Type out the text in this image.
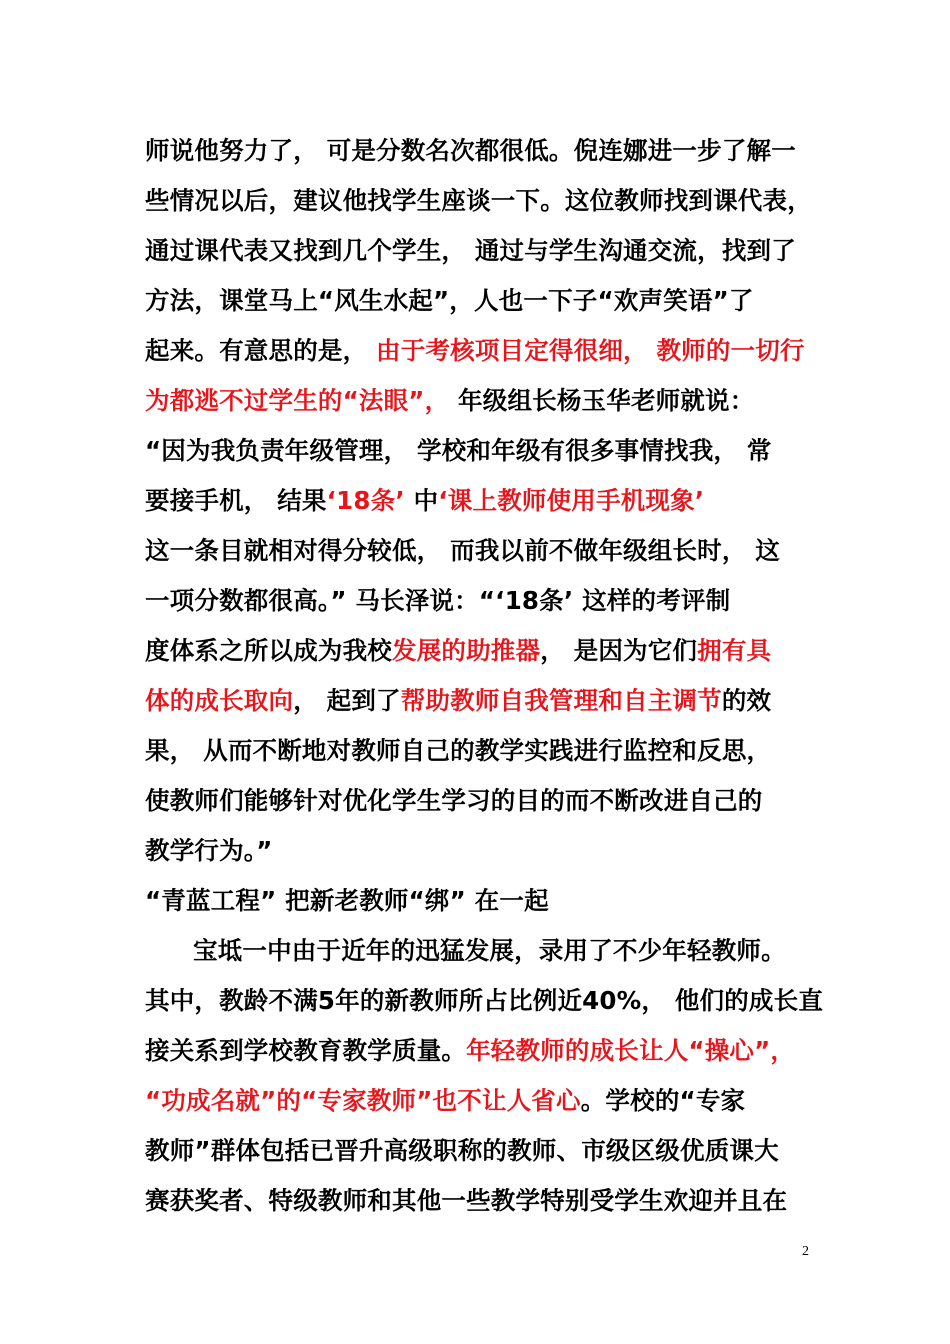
师说他努力了， 可是分数名次都很低。倪连娜进一步了解一
些情况以后，建议他找学生座谈一下。这位教师找到课代表，
通过课代表又找到几个学生， 通过与学生沟通交流，找到了
方法，课堂马上“风生水起”，人也一下子“欢声笑语”了
起来。有意思的是， 由于考核项目定得很细， 教师的一切行
为都逃不过学生的“法眼”， 年级组长杨玉华老师就说：
“因为我负责年级管理， 学校和年级有很多事情找我， 常
要接手机， 结果‘18条’ 中‘课上教师使用手机现象’
这一条目就相对得分较低， 而我以前不做年级组长时， 这
一项分数都很高。” 马长泽说：“‘18条’ 这样的考评制
度体系之所以成为我校发展的助推器， 是因为它们拥有具
体的成长取向， 起到了帮助教师自我管理和自主调节的效
果， 从而不断地对教师自己的教学实践进行监控和反思，
使教师们能够针对优化学生学习的目的而不断改进自己的
教学行为。”
“青蓝工程” 把新老教师“绑” 在一起
宝坻一中由于近年的迅猛发展，录用了不少年轻教师。
其中，教龄不满5年的新教师所占比例近40%， 他们的成长直
接关系到学校教育教学质量。年轻教师的成长让人“操心”，
“功成名就”的“专家教师”也不让人省心。学校的“专家
教师”群体包括已晋升高级职称的教师、市级区级优质课大
赛获奖者、特级教师和其他一些教学特别受学生欢迎并且在
2
